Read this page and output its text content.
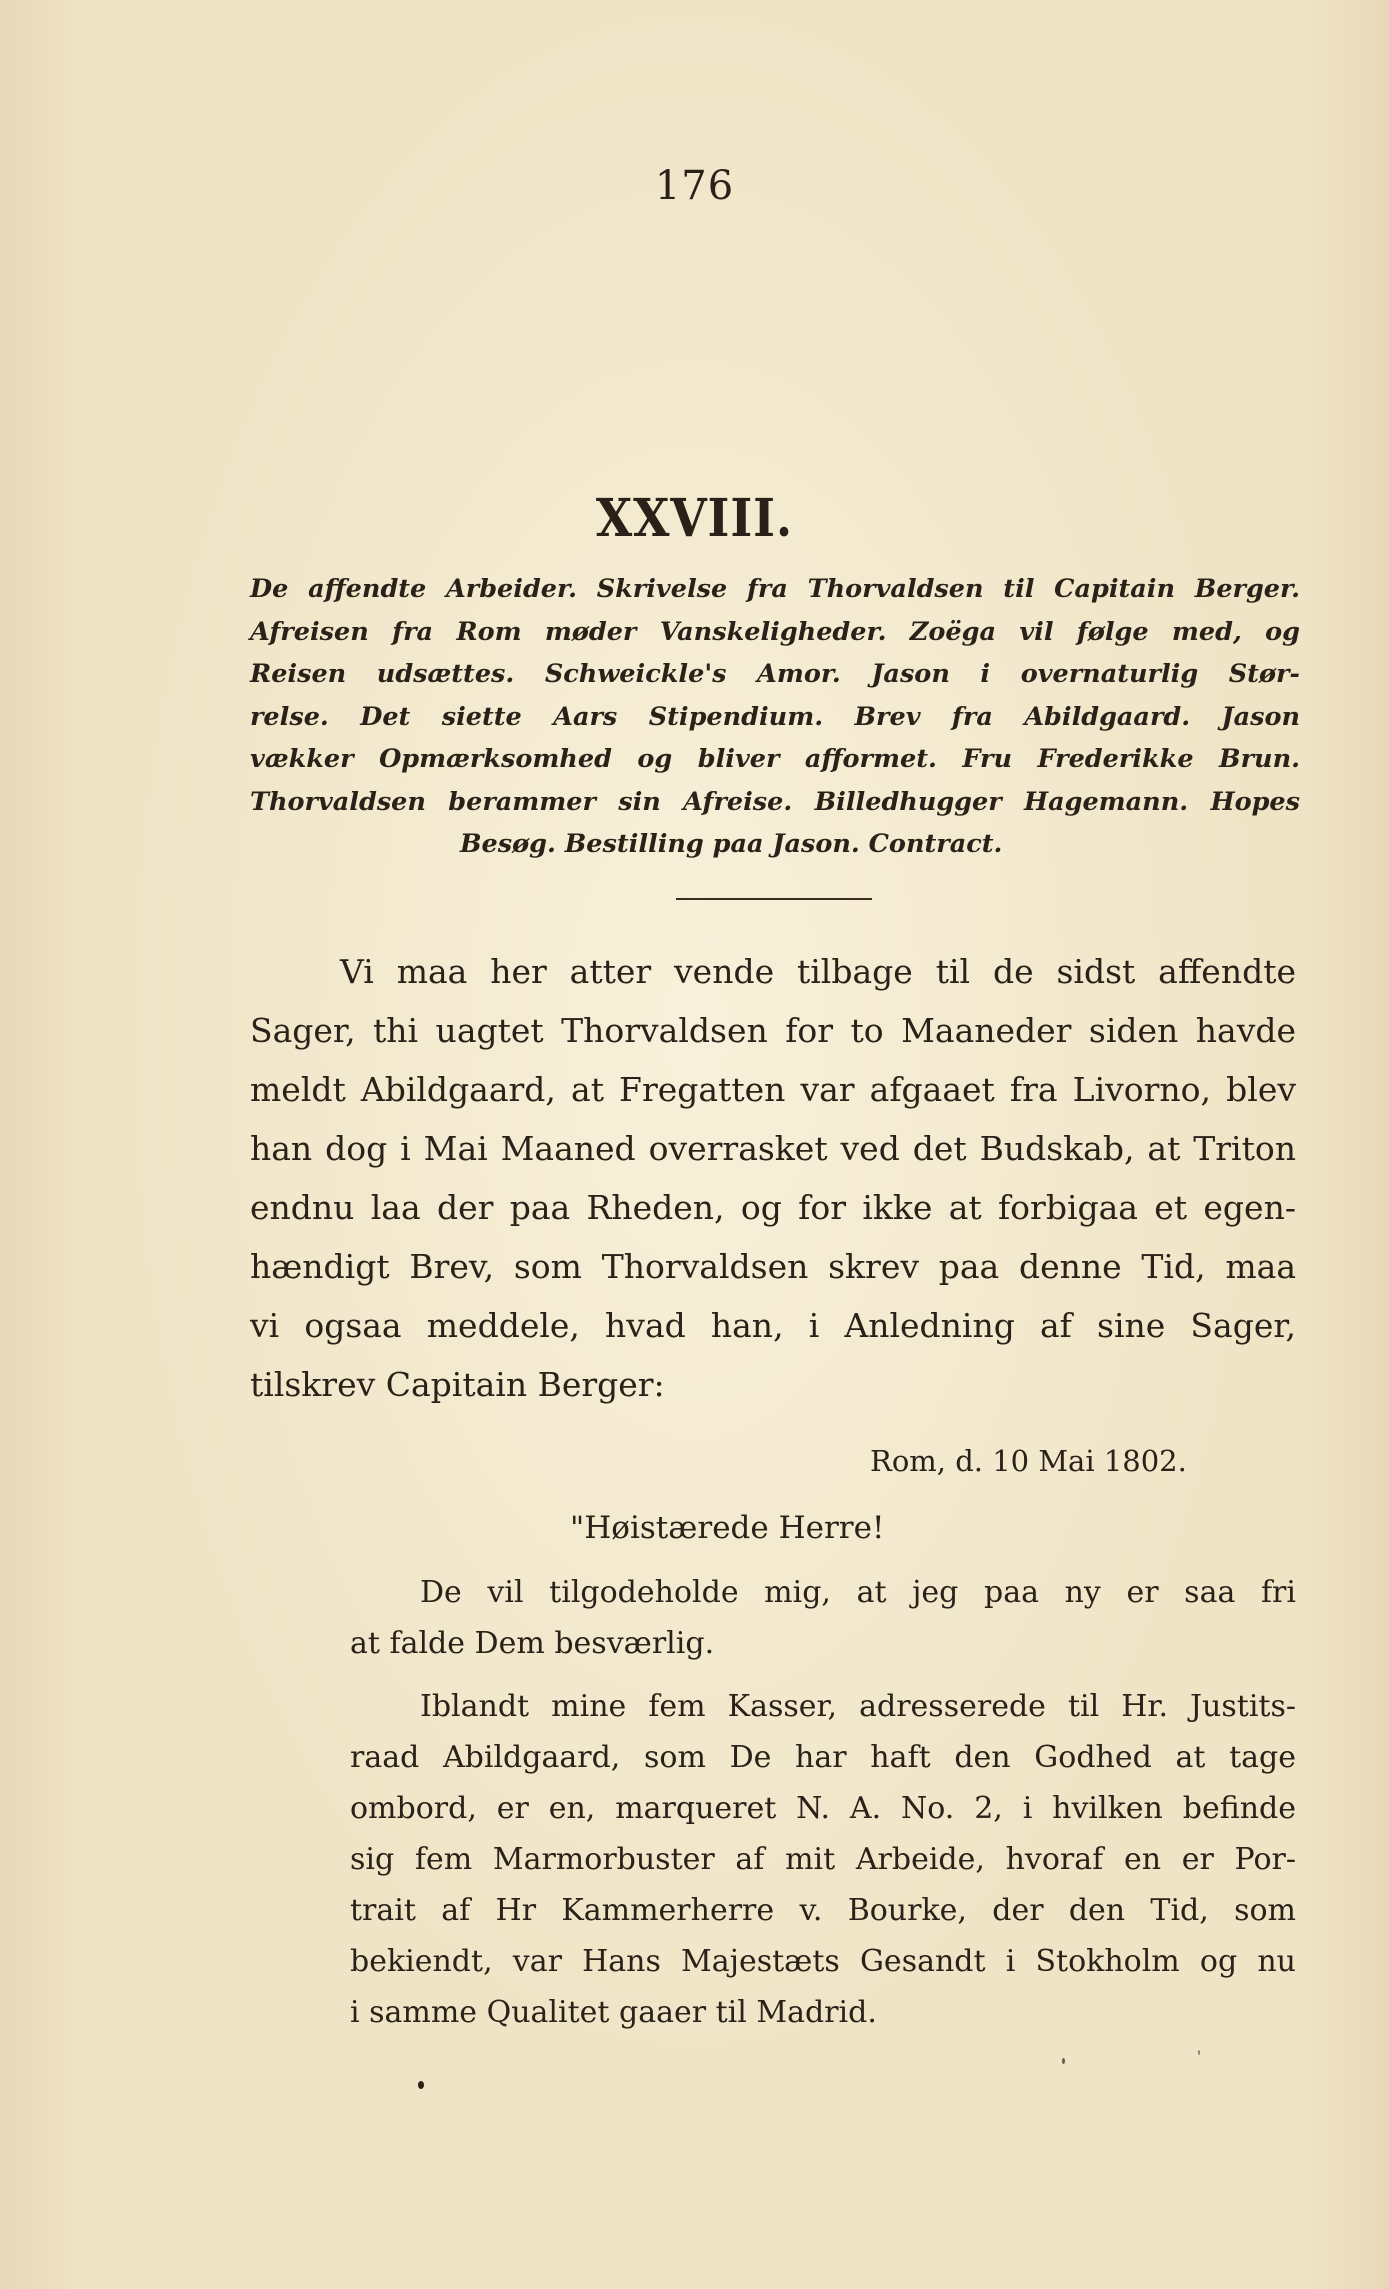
176
XXVIII.
De affendte Arbeider. Skrivelse fra Thorvaldsen til Capitain Berger.
Afreisen fra Rom møder Vanskeligheder. Zoëga vil følge med, og
Reisen udsættes. Schweickle's Amor. Jason i overnaturlig Stør-
relse. Det siette Aars Stipendium. Brev fra Abildgaard. Jason
vækker Opmærksomhed og bliver afformet. Fru Frederikke Brun.
Thorvaldsen berammer sin Afreise. Billedhugger Hagemann. Hopes
Besøg. Bestilling paa Jason. Contract.
Vi maa her atter vende tilbage til de sidst affendte
Sager, thi uagtet Thorvaldsen for to Maaneder siden havde
meldt Abildgaard, at Fregatten var afgaaet fra Livorno, blev
han dog i Mai Maaned overrasket ved det Budskab, at Triton
endnu laa der paa Rheden, og for ikke at forbigaa et egen-
hændigt Brev, som Thorvaldsen skrev paa denne Tid, maa
vi ogsaa meddele, hvad han, i Anledning af sine Sager,
tilskrev Capitain Berger:
Rom, d. 10 Mai 1802.
"Høistærede Herre!
De vil tilgodeholde mig, at jeg paa ny er saa fri
at falde Dem besværlig.
Iblandt mine fem Kasser, adresserede til Hr. Justits-
raad Abildgaard, som De har haft den Godhed at tage
ombord, er en, marqueret N. A. No. 2, i hvilken befinde
sig fem Marmorbuster af mit Arbeide, hvoraf en er Por-
trait af Hr Kammerherre v. Bourke, der den Tid, som
bekiendt, var Hans Majestæts Gesandt i Stokholm og nu
i samme Qualitet gaaer til Madrid.
